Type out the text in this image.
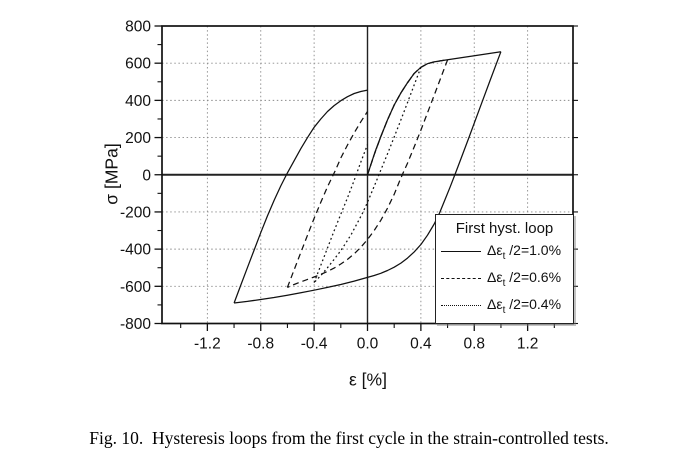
-1.2 -0.8 -0.4 0.0 0.4 0.8 1.2
800
600
400
200
0
-200
-400
-600
-800
σ [MPa]
ε [%]
First hyst. loop
$\Delta\varepsilon_t$ /2=1.0%
$\Delta\varepsilon_t$ /2=0.6%
$\Delta\varepsilon_t$ /2=0.4%
Fig. 10.  Hysteresis loops from the first cycle in the strain-controlled tests.
